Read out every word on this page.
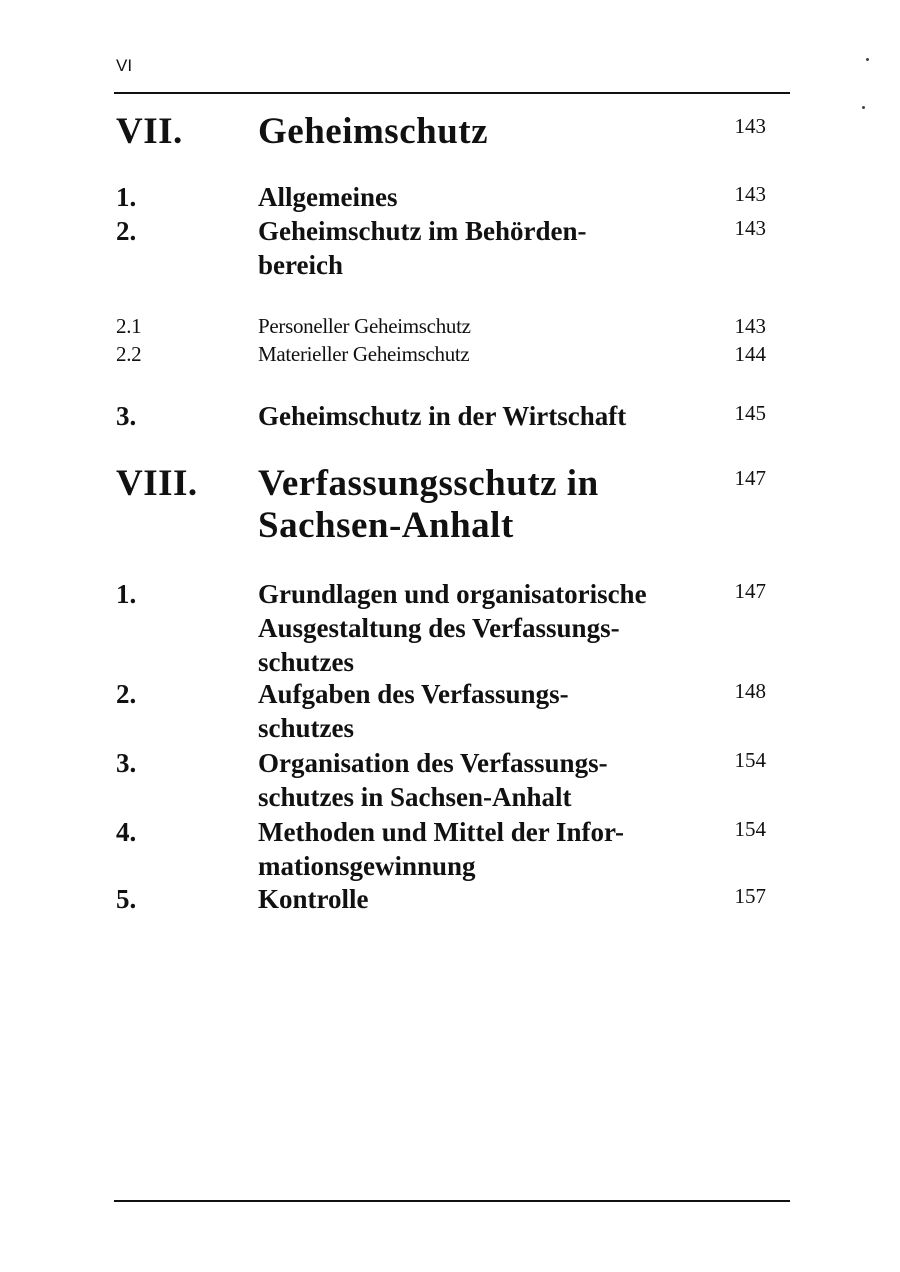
VI
VII. Geheimschutz	143
1.	Allgemeines	143
2.	Geheimschutz im Behörden-	143
bereich
2.1	Personeller Geheimschutz	143
2.2	Materieller Geheimschutz	144
3.	Geheimschutz in der Wirtschaft	145
VIII. Verfassungsschutz in	147
Sachsen-Anhalt
1.	Grundlagen und organisatorische	147
Ausgestaltung des Verfassungs-
schutzes
2.	Aufgaben des Verfassungs-	148
schutzes
3.	Organisation des Verfassungs-	154
schutzes in Sachsen-Anhalt
4.	Methoden und Mittel der Infor-	154
mationsgewinnung
5.	Kontrolle	157
